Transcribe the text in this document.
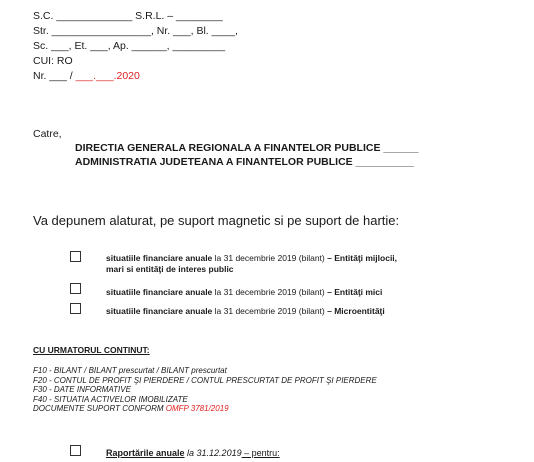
S.C. _____________ S.R.L. – ________
Str. _________________, Nr. ___, Bl. ____,
Sc. ___, Et. ___, Ap. ______, _________
CUI: RO
Nr. ___ / ___.___.2020
Catre,
DIRECTIA GENERALA REGIONALA A FINANTELOR PUBLICE ______
ADMINISTRATIA JUDETEANA A FINANTELOR PUBLICE __________
Va depunem alaturat, pe suport magnetic si pe suport de hartie:
situatiile financiare anuale la 31 decembrie 2019 (bilant) – Entităţi mijlocii,
mari si entităţi de interes public
situatiile financiare anuale la 31 decembrie 2019 (bilant) – Entităţi mici
situatiile financiare anuale la 31 decembrie 2019 (bilant) – Microentităţi
CU URMATORUL CONTINUT:
F10 - BILANT / BILANT prescurtat / BILANT prescurtat
F20 - CONTUL DE PROFIT ŞI PIERDERE / CONTUL PRESCURTAT DE PROFIT ŞI PIERDERE
F30 - DATE INFORMATIVE
F40 - SITUATIA ACTIVELOR IMOBILIZATE
DOCUMENTE SUPORT CONFORM OMFP 3781/2019
Raportările anuale la 31.12.2019 – pentru:
